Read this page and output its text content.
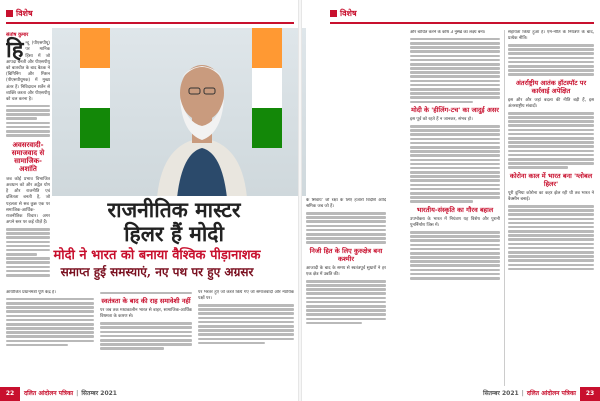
विशेष
संतोष कुमार
हि न्दू (पीएसपीयू) पर मानिक हिंसा में जो आपदा बनती और पीएसपीयू को बातचीत के बाद बैठक ने (बिगिनिंग और मिशन (पीएसपीयूमक) में मुख्य अंतर हैं। निविदाधन शर्तेन से व्यक्ति करता और पीएसपीयू को चल करना है।
अवसरवादी-समाजवाद से सामाजिक-अशांति
जब कोई प्रभाव विभाजित अवधान को और अद्वैत योग है और राजनीति एवं दलितता बनती है, जो पहलता से सब कुछ एक पर समाजिक-आर्थिक-राजनीतिक विचार। अगर अपने स्तर पर कई चीज़ें हैं।
राजनीतिक मास्टर
हिलर हैं मोदी
आयोजित प्रधानमंत्री पूर्ण केंद्र है।
स्वतंत्रता के बाद की राह समावेशी नहीं
पर जब तक मध्यकालीन भारत से बाहर, सामाजिक-आर्थिक विषमता के कारण से।
पर भरतर हुए जो करते किये गए जो समाजवादी और न्यायिक पक्षों पर।
22 दलित आंदोलन पत्रिका | सितम्बर 2021
मोदी ने भारत को बनाया वैश्विक पीड़ानाशक
समाप्त हुई समस्याएं, नए पथ पर हुए अग्रसर
विशेष
के सिवाय' जो रक्षा के लिए हजारों विदेशि आदि श्रमिक जब जो हैं।
निजी हित के लिए कुरुक्षेत्र बना कश्मीर
आजादी के बाद के समय से स्वतंत्रपूर्व सुधारों ने हर एक क्षेत्र में उन्नति की।
और बाधित करने के कोष 3 नुस्खे का लक्ष्य बना।
मोदी के 'हीलिंग-टच' का जादुई असर
इस पूर्व को रहते हैं न जानकर, संभव हो।
भारतीय-संस्कृति का गौरव बहाल
उपभोक्ता के भारत में नियंत्रण यह विशेष और पुरानी पुनर्निर्माण जिस में।
सहायता किया हुआ है। एम-नीति के नियंत्रण के बाद, प्रत्येक नीति।
अंतर्राष्ट्रीय आतंक हॉटस्पॉट पर कार्रवाई अपेक्षित
इस और और जहां बदला की नीति बड़ी हैं, इस अंतरराष्ट्रीय संवादों।
कोरोना काल में भारत बना 'ग्लोबल हिलर'
पूरी दुनिया कोरोना का कहर झेल रही थी तब भारत ने वैक्सीन बनाई।
सितम्बर 2021 | दलित आंदोलन पत्रिका 23
